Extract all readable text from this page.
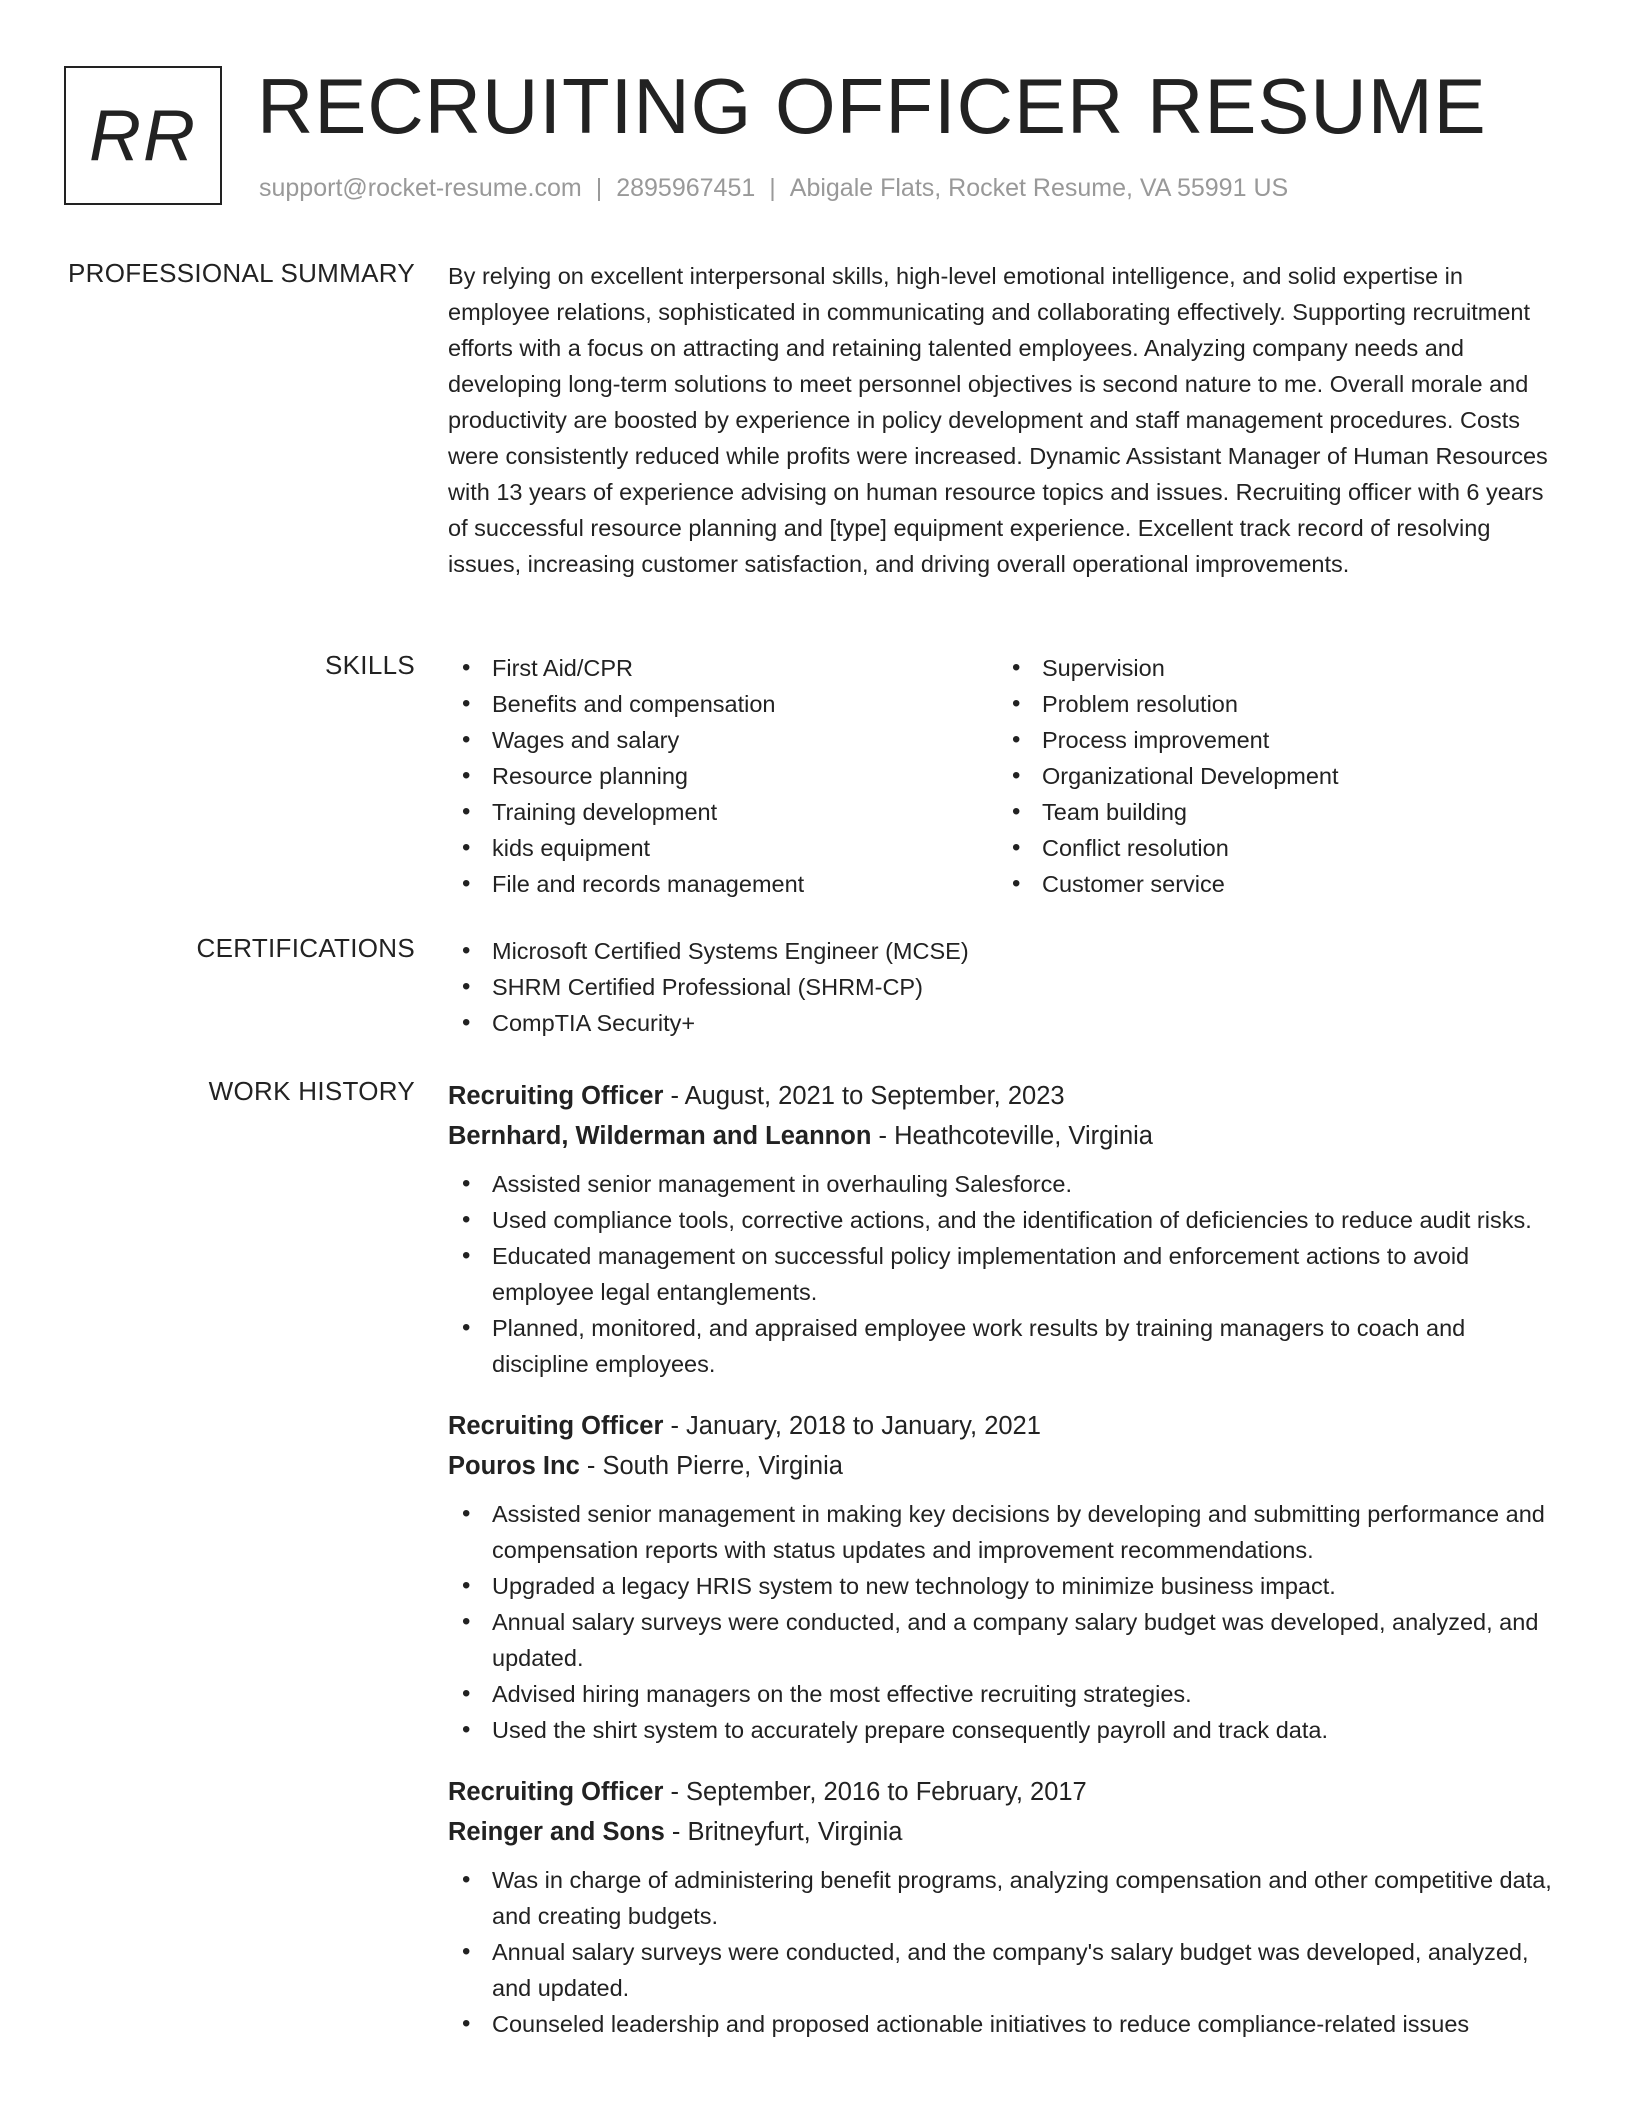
RR RECRUITING OFFICER RESUME
support@rocket-resume.com | 2895967451 | Abigale Flats, Rocket Resume, VA 55991 US
PROFESSIONAL SUMMARY By relying on excellent interpersonal skills, high-level emotional intelligence, and solid expertise in employee relations, sophisticated in communicating and collaborating effectively. Supporting recruitment efforts with a focus on attracting and retaining talented employees. Analyzing company needs and developing long-term solutions to meet personnel objectives is second nature to me. Overall morale and productivity are boosted by experience in policy development and staff management procedures. Costs were consistently reduced while profits were increased. Dynamic Assistant Manager of Human Resources with 13 years of experience advising on human resource topics and issues. Recruiting officer with 6 years of successful resource planning and [type] equipment experience. Excellent track record of resolving issues, increasing customer satisfaction, and driving overall operational improvements.

SKILLS	• First Aid/CPR
• Benefits and compensation
• Wages and salary
• Resource planning
• Training development
• kids equipment
• File and records management
• Supervision
• Problem resolution
• Process improvement
• Organizational Development
• Team building
• Conflict resolution
• Customer service
CERTIFICATIONS	• Microsoft Certified Systems Engineer (MCSE)
• SHRM Certified Professional (SHRM-CP)
• CompTIA Security+
WORK HISTORY Recruiting Officer - August, 2021 to September, 2023
Bernhard, Wilderman and Leannon - Heathcoteville, Virginia
• Assisted senior management in overhauling Salesforce.
• Used compliance tools, corrective actions, and the identification of deficiencies to reduce audit risks.
• Educated management on successful policy implementation and enforcement actions to avoid employee legal entanglements.
• Planned, monitored, and appraised employee work results by training managers to coach and discipline employees.
Recruiting Officer - January, 2018 to January, 2021
Pouros Inc - South Pierre, Virginia
• Assisted senior management in making key decisions by developing and submitting performance and compensation reports with status updates and improvement recommendations.
• Upgraded a legacy HRIS system to new technology to minimize business impact.
• Annual salary surveys were conducted, and a company salary budget was developed, analyzed, and updated.
• Advised hiring managers on the most effective recruiting strategies.
• Used the shirt system to accurately prepare consequently payroll and track data.
Recruiting Officer - September, 2016 to February, 2017
Reinger and Sons - Britneyfurt, Virginia
• Was in charge of administering benefit programs, analyzing compensation and other competitive data, and creating budgets.
• Annual salary surveys were conducted, and the company's salary budget was developed, analyzed, and updated.
• Counseled leadership and proposed actionable initiatives to reduce compliance-related issues
